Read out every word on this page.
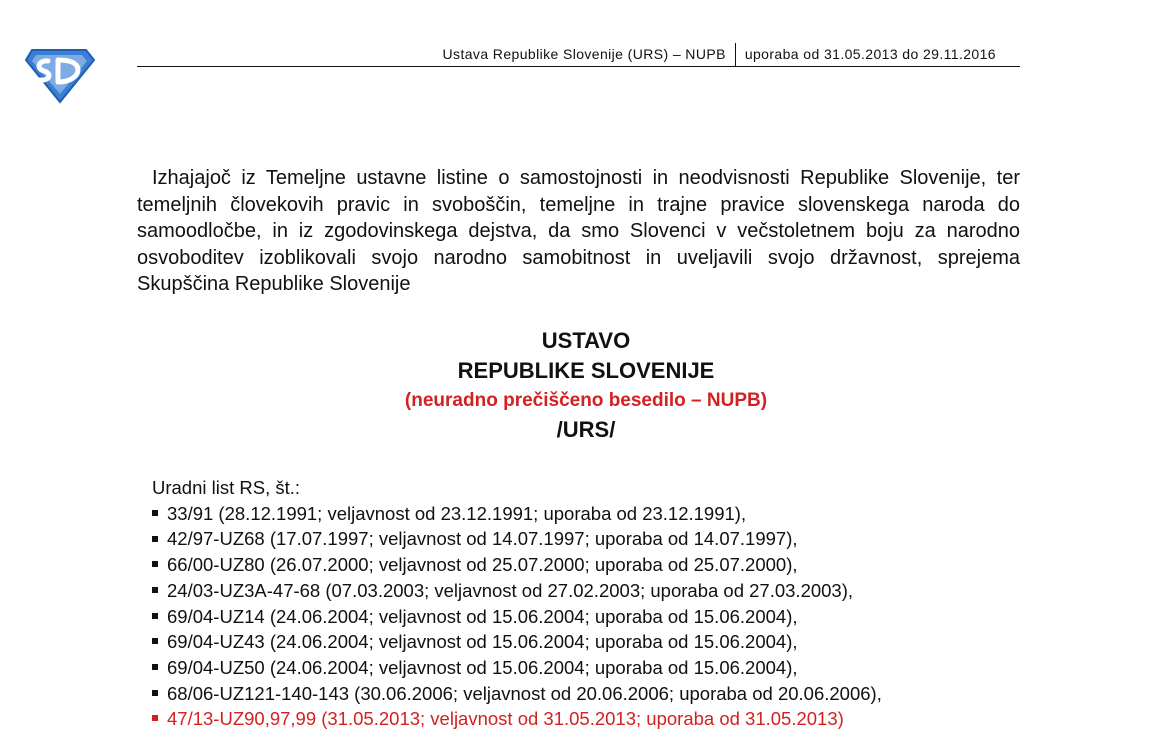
Ustava Republike Slovenije (URS) – NUPB uporaba od 31.05.2013 do 29.11.2016

Izhajajoč iz Temeljne ustavne listine o samostojnosti in neodvisnosti Republike Slovenije, ter temeljnih človekovih pravic in svoboščin, temeljne in trajne pravice slovenskega naroda do samoodločbe, in iz zgodovinskega dejstva, da smo Slovenci v večstoletnem boju za narodno osvoboditev izoblikovali svojo narodno samobitnost in uveljavili svojo državnost, sprejema Skupščina Republike Slovenije

USTAVO
REPUBLIKE SLOVENIJE
(neuradno prečiščeno besedilo – NUPB)
/URS/
Uradni list RS, št.:
33/91 (28.12.1991; veljavnost od 23.12.1991; uporaba od 23.12.1991),
42/97-UZ68 (17.07.1997; veljavnost od 14.07.1997; uporaba od 14.07.1997),
66/00-UZ80 (26.07.2000; veljavnost od 25.07.2000; uporaba od 25.07.2000),
24/03-UZ3A-47-68 (07.03.2003; veljavnost od 27.02.2003; uporaba od 27.03.2003),
69/04-UZ14 (24.06.2004; veljavnost od 15.06.2004; uporaba od 15.06.2004),
69/04-UZ43 (24.06.2004; veljavnost od 15.06.2004; uporaba od 15.06.2004),
69/04-UZ50 (24.06.2004; veljavnost od 15.06.2004; uporaba od 15.06.2004),
68/06-UZ121-140-143 (30.06.2006; veljavnost od 20.06.2006; uporaba od 20.06.2006),
47/13-UZ90,97,99 (31.05.2013; veljavnost od 31.05.2013; uporaba od 31.05.2013)
